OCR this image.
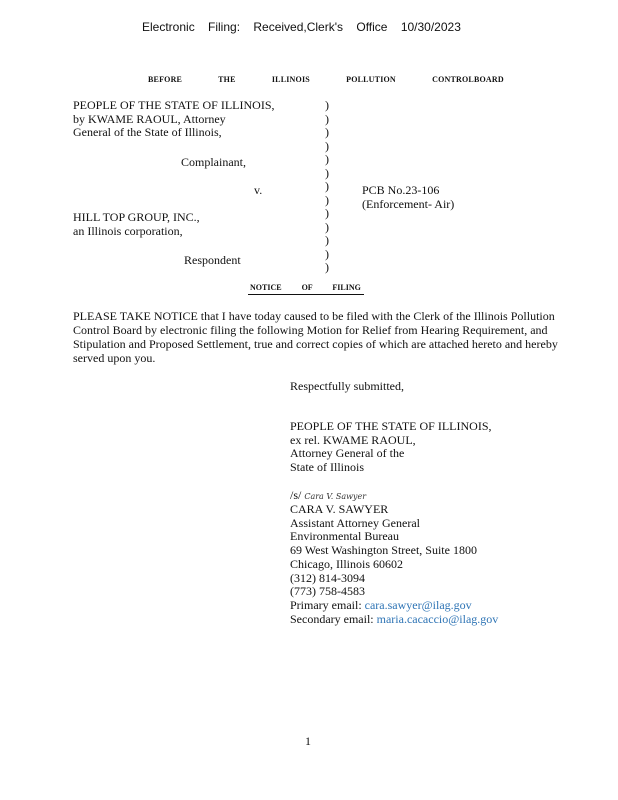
Electronic Filing: Received,Clerk's Office 10/30/2023
BEFORE THE ILLINOIS POLLUTION CONTROLBOARD
PEOPLE OF THE STATE OF ILLINOIS,
by KWAME RAOUL, Attorney
General of the State of Illinois,
Complainant,
v.	PCB No.23-106
(Enforcement- Air)
HILL TOP GROUP, INC.,
an Illinois corporation,
Respondent
)
)
)
)
)
)
)
)
)
)
)
)
)
NOTICE OF FILING
PLEASE TAKE NOTICE that I have today caused to be filed with the Clerk of the Illinois Pollution Control Board by electronic filing the following Motion for Relief from Hearing Requirement, and Stipulation and Proposed Settlement, true and correct copies of which are attached hereto and hereby served upon you.
Respectfully submitted,
PEOPLE OF THE STATE OF ILLINOIS,
ex rel. KWAME RAOUL,
Attorney General of the
State of Illinois
/s/ Cara V. Sawyer
CARA V. SAWYER
Assistant Attorney General
Environmental Bureau
69 West Washington Street, Suite 1800
Chicago, Illinois 60602
(312) 814-3094
(773) 758-4583
Primary email: cara.sawyer@ilag.gov
Secondary email: maria.cacaccio@ilag.gov
1
